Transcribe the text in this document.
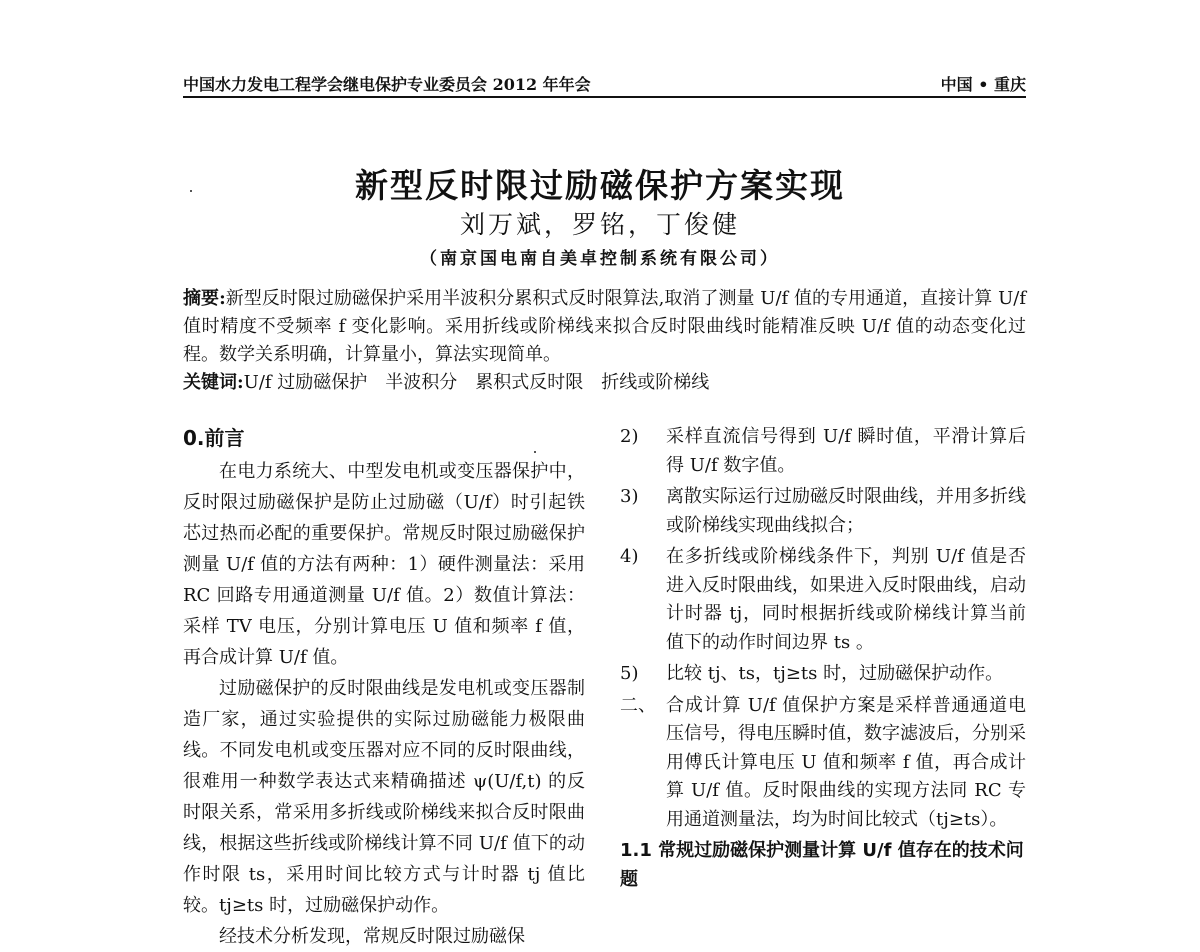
中国水力发电工程学会继电保护专业委员会 2012 年年会	中国 • 重庆
新型反时限过励磁保护方案实现
刘万斌，罗铭，丁俊健
（南京国电南自美卓控制系统有限公司）
摘要:新型反时限过励磁保护采用半波积分累积式反时限算法,取消了测量 U/f 值的专用通道，直接计算 U/f 值时精度不受频率 f 变化影响。采用折线或阶梯线来拟合反时限曲线时能精准反映 U/f 值的动态变化过程。数学关系明确，计算量小，算法实现简单。
关键词:U/f 过励磁保护　半波积分　累积式反时限　折线或阶梯线
0.前言

在电力系统大、中型发电机或变压器保护中，反时限过励磁保护是防止过励磁（U/f）时引起铁芯过热而必配的重要保护。常规反时限过励磁保护测量 U/f 值的方法有两种：1）硬件测量法：采用 RC 回路专用通道测量 U/f 值。2）数值计算法：采样 TV 电压，分别计算电压 U 值和频率 f 值，再合成计算 U/f 值。

过励磁保护的反时限曲线是发电机或变压器制造厂家，通过实验提供的实际过励磁能力极限曲线。不同发电机或变压器对应不同的反时限曲线，很难用一种数学表达式来精确描述 ψ(U/f,t) 的反时限关系，常采用多折线或阶梯线来拟合反时限曲线，根据这些折线或阶梯线计算不同 U/f 值下的动作时限 ts，采用时间比较方式与计时器 tj 值比较。tj≥ts 时，过励磁保护动作。

经技术分析发现，常规反时限过励磁保

2)	采样直流信号得到 U/f 瞬时值，平滑计算后得 U/f 数字值。
3)	离散实际运行过励磁反时限曲线，并用多折线或阶梯线实现曲线拟合；
4)	在多折线或阶梯线条件下，判别 U/f 值是否进入反时限曲线，如果进入反时限曲线，启动计时器 tj，同时根据折线或阶梯线计算当前值下的动作时间边界 ts 。
5)	比较 tj、ts，tj≥ts 时，过励磁保护动作。
二、 合成计算 U/f 值保护方案是采样普通通道电压信号，得电压瞬时值，数字滤波后，分别采用傅氏计算电压 U 值和频率 f 值，再合成计算 U/f 值。反时限曲线的实现方法同 RC 专用通道测量法，均为时间比较式（tj≥ts）。
1.1 常规过励磁保护测量计算 U/f 值存在的技术问题
